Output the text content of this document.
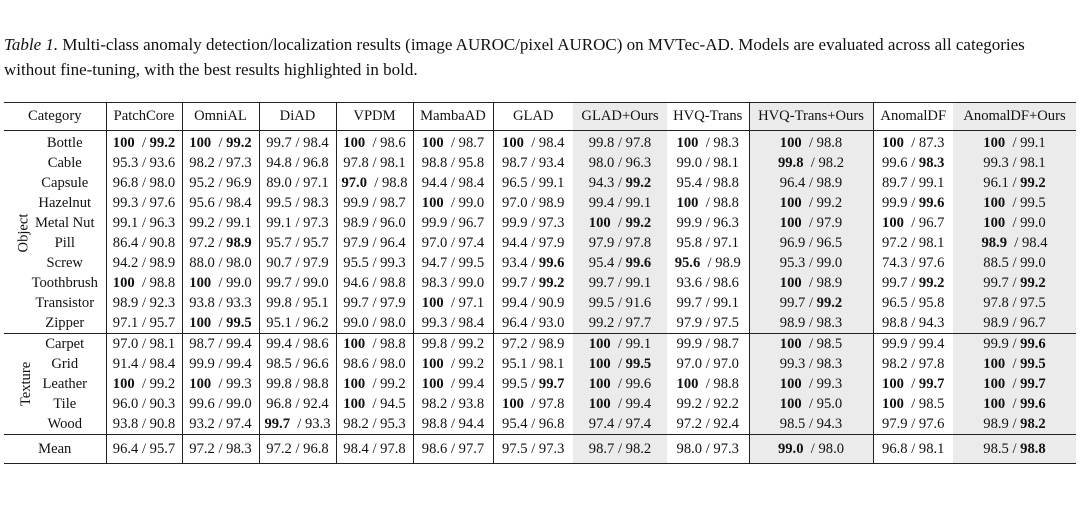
Table 1. Multi-class anomaly detection/localization results (image AUROC/pixel AUROC) on MVTec-AD. Models are evaluated across all categories without fine-tuning, with the best results highlighted in bold.
Category		PatchCore	OmniAL	DiAD	VPDM	MambaAD	GLAD	GLAD+Ours	HVQ-Trans	HVQ-Trans+Ours	AnomalDF	AnomalDF+Ours
Object	Bottle	100  / 99.2	100  / 99.2	99.7 / 98.4	100  / 98.6	100  / 98.7	100  / 98.4	99.8 / 97.8	100  / 98.3	100  / 98.8	100  / 87.3	100  / 99.1
	Cable	95.3 / 93.6	98.2 / 97.3	94.8 / 96.8	97.8 / 98.1	98.8 / 95.8	98.7 / 93.4	98.0 / 96.3	99.0 / 98.1	99.8  / 98.2	99.6 / 98.3	99.3 / 98.1
	Capsule	96.8 / 98.0	95.2 / 96.9	89.0 / 97.1	97.0  / 98.8	94.4 / 98.4	96.5 / 99.1	94.3 / 99.2	95.4 / 98.8	96.4 / 98.9	89.7 / 99.1	96.1 / 99.2
	Hazelnut	99.3 / 97.6	95.6 / 98.4	99.5 / 98.3	99.9 / 98.7	100  / 99.0	97.0 / 98.9	99.4 / 99.1	100  / 98.8	100  / 99.2	99.9 / 99.6	100  / 99.5
	Metal Nut	99.1 / 96.3	99.2 / 99.1	99.1 / 97.3	98.9 / 96.0	99.9 / 96.7	99.9 / 97.3	100  / 99.2	99.9 / 96.3	100  / 97.9	100  / 96.7	100  / 99.0
	Pill	86.4 / 90.8	97.2 / 98.9	95.7 / 95.7	97.9 / 96.4	97.0 / 97.4	94.4 / 97.9	97.9 / 97.8	95.8 / 97.1	96.9 / 96.5	97.2 / 98.1	98.9  / 98.4
	Screw	94.2 / 98.9	88.0 / 98.0	90.7 / 97.9	95.5 / 99.3	94.7 / 99.5	93.4 / 99.6	95.4 / 99.6	95.6  / 98.9	95.3 / 99.0	74.3 / 97.6	88.5 / 99.0
	Toothbrush	100  / 98.8	100  / 99.0	99.7 / 99.0	94.6 / 98.8	98.3 / 99.0	99.7 / 99.2	99.7 / 99.1	93.6 / 98.6	100  / 98.9	99.7 / 99.2	99.7 / 99.2
	Transistor	98.9 / 92.3	93.8 / 93.3	99.8 / 95.1	99.7 / 97.9	100  / 97.1	99.4 / 90.9	99.5 / 91.6	99.7 / 99.1	99.7 / 99.2	96.5 / 95.8	97.8 / 97.5
	Zipper	97.1 / 95.7	100  / 99.5	95.1 / 96.2	99.0 / 98.0	99.3 / 98.4	96.4 / 93.0	99.2 / 97.7	97.9 / 97.5	98.9 / 98.3	98.8 / 94.3	98.9 / 96.7
Texture	Carpet	97.0 / 98.1	98.7 / 99.4	99.4 / 98.6	100  / 98.8	99.8 / 99.2	97.2 / 98.9	100  / 99.1	99.9 / 98.7	100  / 98.5	99.9 / 99.4	99.9 / 99.6
	Grid	91.4 / 98.4	99.9 / 99.4	98.5 / 96.6	98.6 / 98.0	100  / 99.2	95.1 / 98.1	100  / 99.5	97.0 / 97.0	99.3 / 98.3	98.2 / 97.8	100  / 99.5
	Leather	100  / 99.2	100  / 99.3	99.8 / 98.8	100  / 99.2	100  / 99.4	99.5 / 99.7	100  / 99.6	100  / 98.8	100  / 99.3	100  / 99.7	100  / 99.7
	Tile	96.0 / 90.3	99.6 / 99.0	96.8 / 92.4	100  / 94.5	98.2 / 93.8	100  / 97.8	100  / 99.4	99.2 / 92.2	100  / 95.0	100  / 98.5	100  / 99.6
	Wood	93.8 / 90.8	93.2 / 97.4	99.7  / 93.3	98.2 / 95.3	98.8 / 94.4	95.4 / 96.8	97.4 / 97.4	97.2 / 92.4	98.5 / 94.3	97.9 / 97.6	98.9 / 98.2
Mean		96.4 / 95.7	97.2 / 98.3	97.2 / 96.8	98.4 / 97.8	98.6 / 97.7	97.5 / 97.3	98.7 / 98.2	98.0 / 97.3	99.0  / 98.0	96.8 / 98.1	98.5 / 98.8
